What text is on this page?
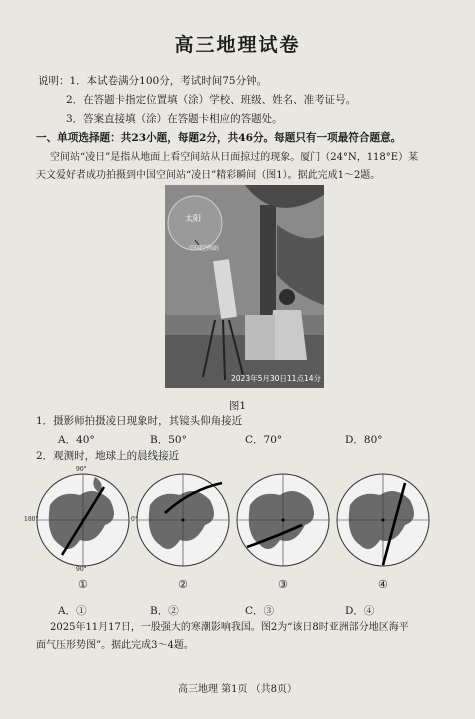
高三地理试卷
说明：1．本试卷满分100分，考试时间75分钟。
2．在答题卡指定位置填（涂）学校、班级、姓名、准考证号。
3．答案直接填（涂）在答题卡相应的答题处。
一、单项选择题：共23小题，每题2分，共46分。每题只有一项最符合题意。
空间站“凌日”是指从地面上看空间站从日面掠过的现象。厦门（24°N，118°E）某
天文爱好者成功拍摄到中国空间站“凌日”精彩瞬间（图1）。据此完成1～2题。
太阳
中国空间站
2023年5月30日11点14分
图1
1．摄影师拍摄凌日现象时，其镜头仰角接近
A．40°	B．50°	C．70°	D．80°
2．观测时，地球上的晨线接近
90°
180°	0°
90°
①	②	③	④
A．①	B．②	C．③	D．④
2025年11月17日，一股强大的寒潮影响我国。图2为“该日8时亚洲部分地区海平
面气压形势图”。据此完成3～4题。
高三地理 第1页 （共8页）
